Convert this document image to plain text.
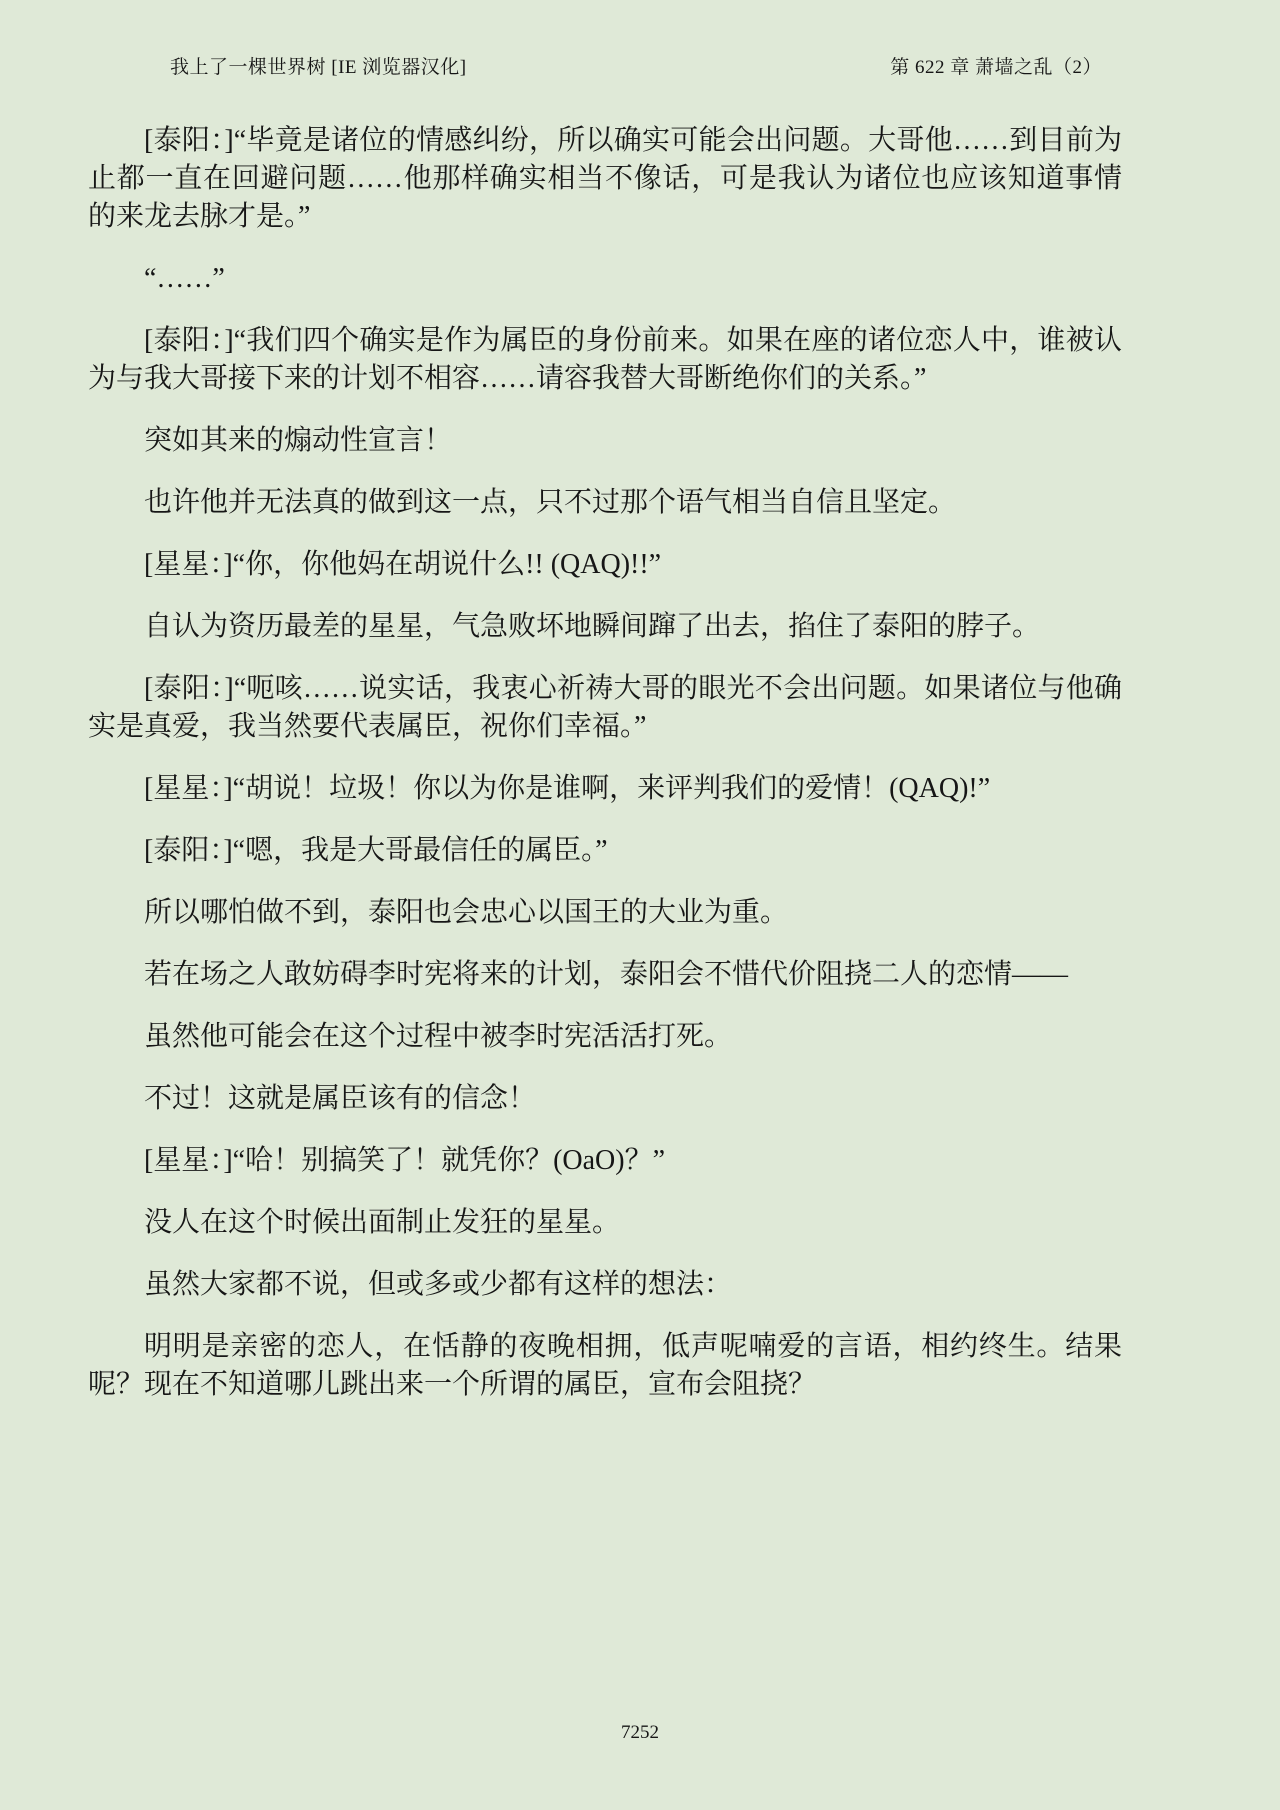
我上了一棵世界树 [IE 浏览器汉化]	第 622 章 萧墙之乱（2）

[泰阳：]“毕竟是诸位的情感纠纷，所以确实可能会出问题。大哥他……到目前为止都一直在回避问题……他那样确实相当不像话，可是我认为诸位也应该知道事情的来龙去脉才是。”

“……”

[泰阳：]“我们四个确实是作为属臣的身份前来。如果在座的诸位恋人中，谁被认为与我大哥接下来的计划不相容……请容我替大哥断绝你们的关系。”

突如其来的煽动性宣言！

也许他并无法真的做到这一点，只不过那个语气相当自信且坚定。

[星星：]“你，你他妈在胡说什么!! (QAQ)!!”

自认为资历最差的星星，气急败坏地瞬间蹿了出去，掐住了泰阳的脖子。

[泰阳：]“呃咳……说实话，我衷心祈祷大哥的眼光不会出问题。如果诸位与他确实是真爱，我当然要代表属臣，祝你们幸福。”

[星星：]“胡说！垃圾！你以为你是谁啊，来评判我们的爱情！(QAQ)!”

[泰阳：]“嗯，我是大哥最信任的属臣。”

所以哪怕做不到，泰阳也会忠心以国王的大业为重。

若在场之人敢妨碍李时宪将来的计划，泰阳会不惜代价阻挠二人的恋情——

虽然他可能会在这个过程中被李时宪活活打死。

不过！这就是属臣该有的信念！

[星星：]“哈！别搞笑了！就凭你？(OaO)？”

没人在这个时候出面制止发狂的星星。

虽然大家都不说，但或多或少都有这样的想法：

明明是亲密的恋人，在恬静的夜晚相拥，低声呢喃爱的言语，相约终生。结果呢？现在不知道哪儿跳出来一个所谓的属臣，宣布会阻挠？

7252
